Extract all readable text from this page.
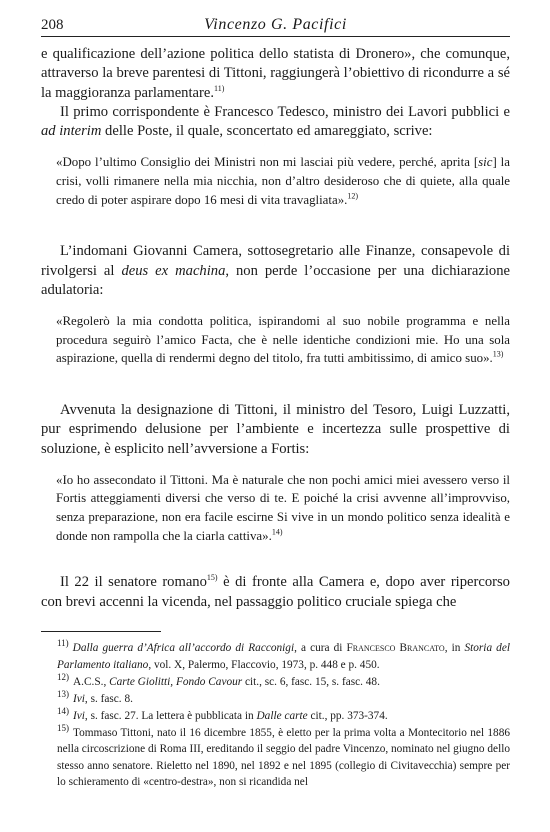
208	Vincenzo G. Pacifici

e qualificazione dell’azione politica dello statista di Dronero», che comunque, attraverso la breve parentesi di Tittoni, raggiungerà l’obiettivo di ricondurre a sé la maggioranza parlamentare.$^{11)}$

Il primo corrispondente è Francesco Tedesco, ministro dei Lavori pubblici e ad interim delle Poste, il quale, sconcertato ed amareggiato, scrive:

«Dopo l’ultimo Consiglio dei Ministri non mi lasciai più vedere, perché, aprita [sic] la crisi, volli rimanere nella mia nicchia, non d’altro desideroso che di quiete, alla quale credo di poter aspirare dopo 16 mesi di vita travagliata».$^{12)}$

L’indomani Giovanni Camera, sottosegretario alle Finanze, consapevole di rivolgersi al deus ex machina, non perde l’occasione per una dichiarazione adulatoria:

«Regolerò la mia condotta politica, ispirandomi al suo nobile programma e nella procedura seguirò l’amico Facta, che è nelle identiche condizioni mie. Ho una sola aspirazione, quella di rendermi degno del titolo, fra tutti ambitissimo, di amico suo».$^{13)}$

Avvenuta la designazione di Tittoni, il ministro del Tesoro, Luigi Luzzatti, pur esprimendo delusione per l’ambiente e incertezza sulle prospettive di soluzione, è esplicito nell’avversione a Fortis:

«Io ho assecondato il Tittoni. Ma è naturale che non pochi amici miei avessero verso il Fortis atteggiamenti diversi che verso di te. E poiché la crisi avvenne all’improvviso, senza preparazione, non era facile escirne Si vive in un mondo politico senza idealità e donde non rampolla che la ciarla cattiva».$^{14)}$

Il 22 il senatore romano$^{15)}$ è di fronte alla Camera e, dopo aver ripercorso con brevi accenni la vicenda, nel passaggio politico cruciale spiega che

$^{11)}$ Dalla guerra d’Africa all’accordo di Racconigi, a cura di Francesco Brancato, in Storia del Parlamento italiano, vol. X, Palermo, Flaccovio, 1973, p. 448 e p. 450.

$^{12)}$ A.C.S., Carte Giolitti, Fondo Cavour cit., sc. 6, fasc. 15, s. fasc. 48.

$^{13)}$ Ivi, s. fasc. 8.

$^{14)}$ Ivi, s. fasc. 27. La lettera è pubblicata in Dalle carte cit., pp. 373-374.

$^{15)}$ Tommaso Tittoni, nato il 16 dicembre 1855, è eletto per la prima volta a Montecitorio nel 1886 nella circoscrizione di Roma III, ereditando il seggio del padre Vincenzo, nominato nel giugno dello stesso anno senatore. Rieletto nel 1890, nel 1892 e nel 1895 (collegio di Civitavecchia) sempre per lo schieramento di «centro-destra», non si ricandida nel
